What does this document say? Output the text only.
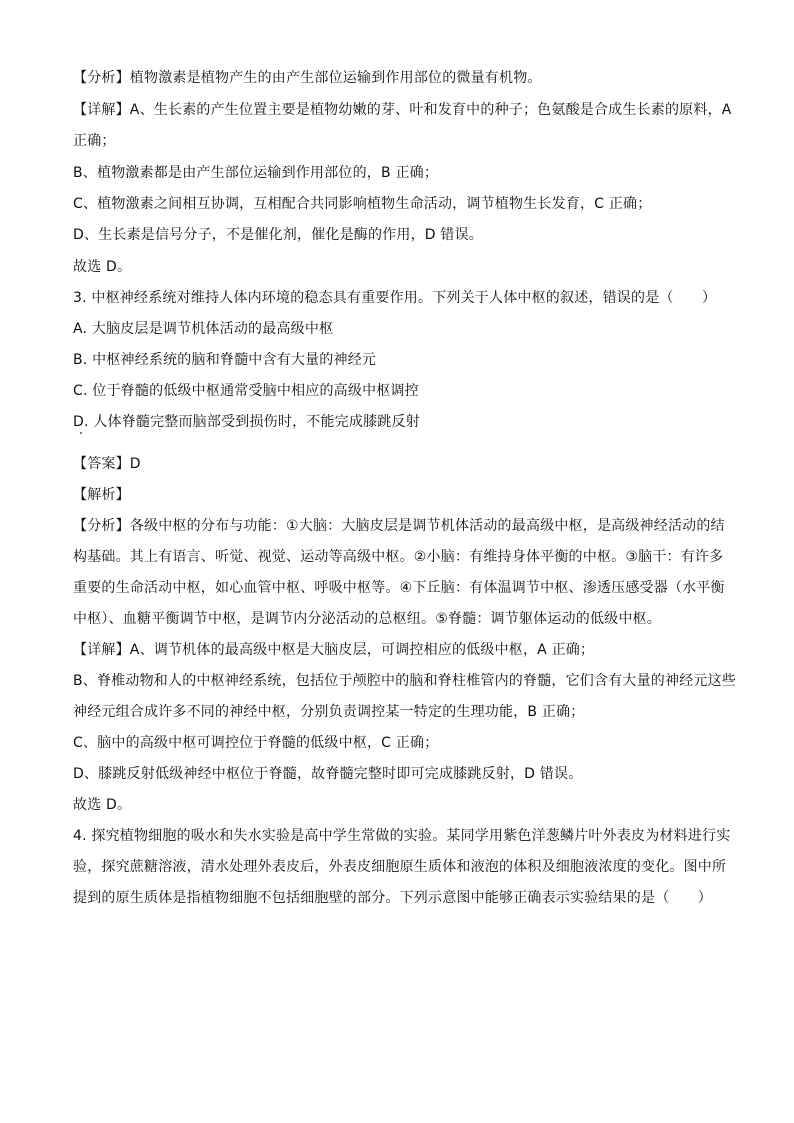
【分析】植物激素是植物产生的由产生部位运输到作用部位的微量有机物。
【详解】A、生长素的产生位置主要是植物幼嫩的芽、叶和发育中的种子；色氨酸是合成生长素的原料，A
正确；
B、植物激素都是由产生部位运输到作用部位的，B 正确；
C、植物激素之间相互协调，互相配合共同影响植物生命活动，调节植物生长发育，C 正确；
D、生长素是信号分子，不是催化剂，催化是酶的作用，D 错误。
故选 D。
3. 中枢神经系统对维持人体内环境的稳态具有重要作用。下列关于人体中枢的叙述，错误的是（　　）
A. 大脑皮层是调节机体活动的最高级中枢
B. 中枢神经系统的脑和脊髓中含有大量的神经元
C. 位于脊髓的低级中枢通常受脑中相应的高级中枢调控
D. 人体脊髓完整而脑部受到损伤时，不能完成膝跳反射
【答案】D
【解析】
【分析】各级中枢的分布与功能：①大脑：大脑皮层是调节机体活动的最高级中枢，是高级神经活动的结
构基础。其上有语言、听觉、视觉、运动等高级中枢。②小脑：有维持身体平衡的中枢。③脑干：有许多
重要的生命活动中枢，如心血管中枢、呼吸中枢等。④下丘脑：有体温调节中枢、渗透压感受器（水平衡
中枢）、血糖平衡调节中枢，是调节内分泌活动的总枢纽。⑤脊髓：调节躯体运动的低级中枢。
【详解】A、调节机体的最高级中枢是大脑皮层，可调控相应的低级中枢，A 正确；
B、脊椎动物和人的中枢神经系统，包括位于颅腔中的脑和脊柱椎管内的脊髓，它们含有大量的神经元这些
神经元组合成许多不同的神经中枢，分别负责调控某一特定的生理功能，B 正确；
C、脑中的高级中枢可调控位于脊髓的低级中枢，C 正确；
D、膝跳反射低级神经中枢位于脊髓，故脊髓完整时即可完成膝跳反射，D 错误。
故选 D。
4. 探究植物细胞的吸水和失水实验是高中学生常做的实验。某同学用紫色洋葱鳞片叶外表皮为材料进行实
验，探究蔗糖溶液，清水处理外表皮后，外表皮细胞原生质体和液泡的体积及细胞液浓度的变化。图中所
提到的原生质体是指植物细胞不包括细胞壁的部分。下列示意图中能够正确表示实验结果的是（　　）
